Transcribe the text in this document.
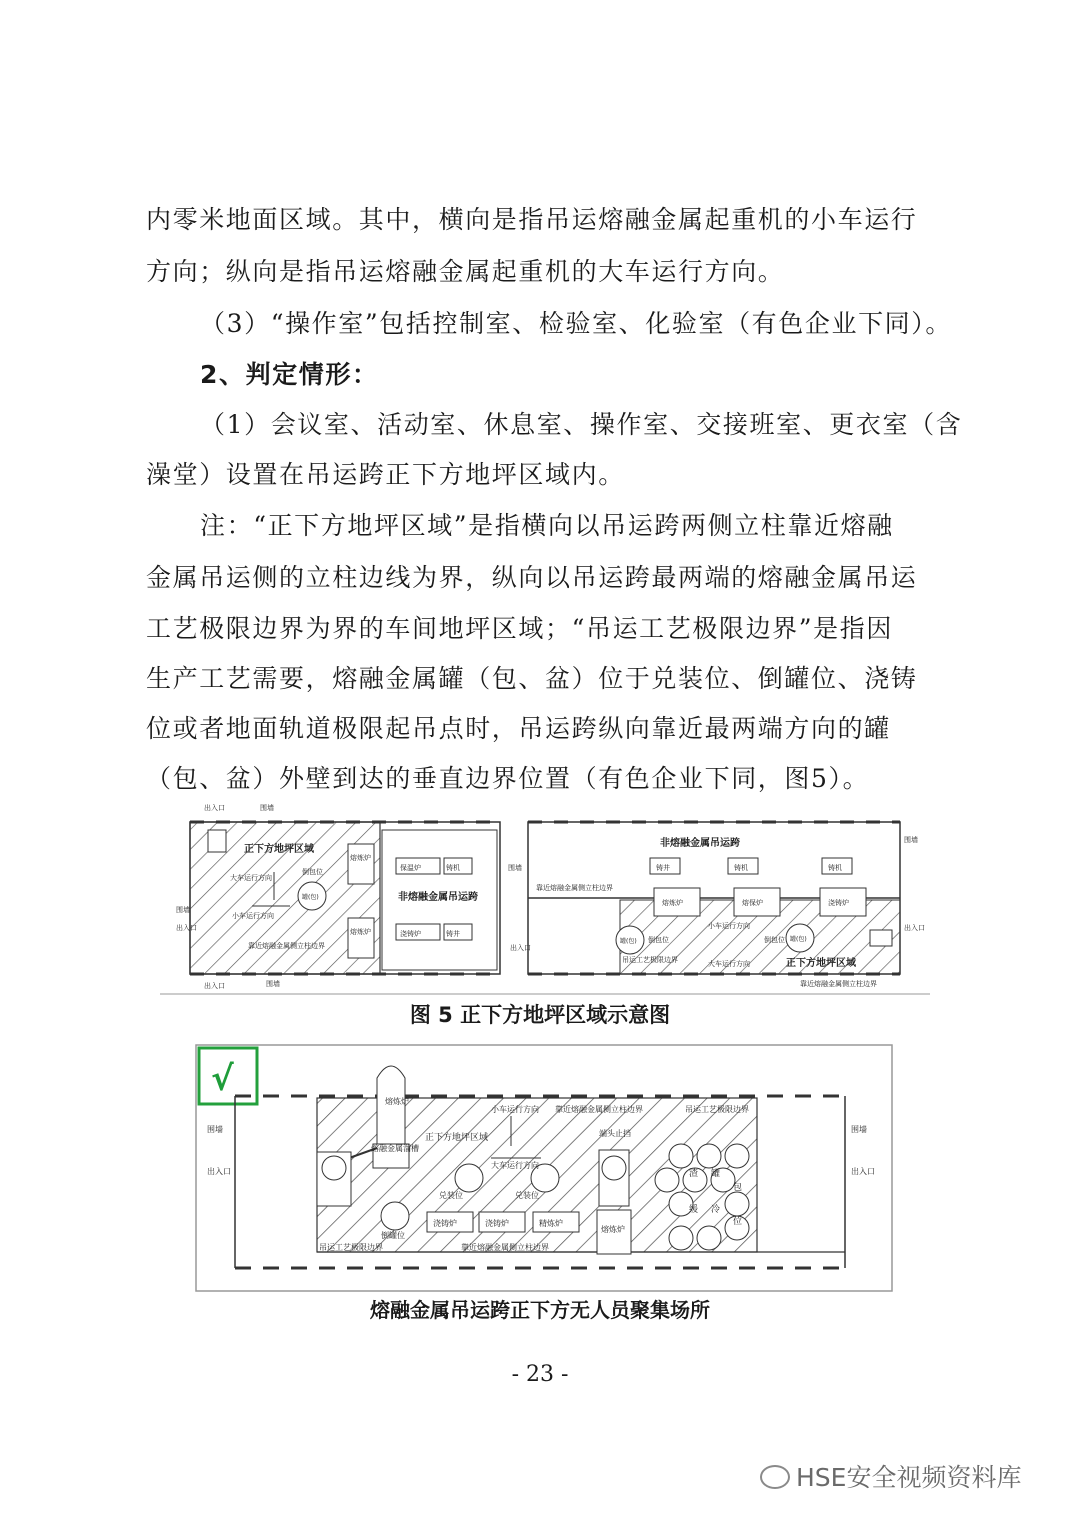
内零米地面区域。其中，横向是指吊运熔融金属起重机的小车运行
方向；纵向是指吊运熔融金属起重机的大车运行方向。
（3）“操作室”包括控制室、检验室、化验室（有色企业下同）。
2、判定情形：
（1）会议室、活动室、休息室、操作室、交接班室、更衣室（含
澡堂）设置在吊运跨正下方地坪区域内。
注：“正下方地坪区域”是指横向以吊运跨两侧立柱靠近熔融
金属吊运侧的立柱边线为界，纵向以吊运跨最两端的熔融金属吊运
工艺极限边界为界的车间地坪区域；“吊运工艺极限边界”是指因
生产工艺需要，熔融金属罐（包、盆）位于兑装位、倒罐位、浇铸
位或者地面轨道极限起吊点时，吊运跨纵向靠近最两端方向的罐
（包、盆）外壁到达的垂直边界位置（有色企业下同，图5）。
出入口	围墙
正下方地坪区域
熔炼炉
保温炉	铸机
倒包位
罐(包)
大车运行方向
小车运行方向
非熔融金属吊运跨
熔炼炉	浇铸炉	铸井
靠近熔融金属侧立柱边界
围墙
出入口
出入口	围墙
非熔融金属吊运跨
铸井	铸机	铸机
靠近熔融金属侧立柱边界
熔炼炉	熔保炉	浇铸炉
小车运行方向
倒包位	倒包位
罐(包)	罐(包)
吊运工艺极限边界	大车运行方向	正下方地坪区域
靠近熔融金属侧立柱边界
围墙
出入口
围墙
出入口
图 5 正下方地坪区域示意图
√
熔炼炉
熔融金属溜槽
正下方地坪区域
小车运行方向
大车运行方向
靠近熔融金属侧立柱边界	吊运工艺极限边界
端头止挡
兑装位	兑装位
倒罐位
浇铸炉	浇铸炉	精炼炉
熔炼炉
渣 罐
包
缓 冷
位
吊运工艺极限边界	靠近熔融金属侧立柱边界
围墙
出入口
围墙
出入口
熔融金属吊运跨正下方无人员聚集场所
- 23 -
HSE安全视频资料库
